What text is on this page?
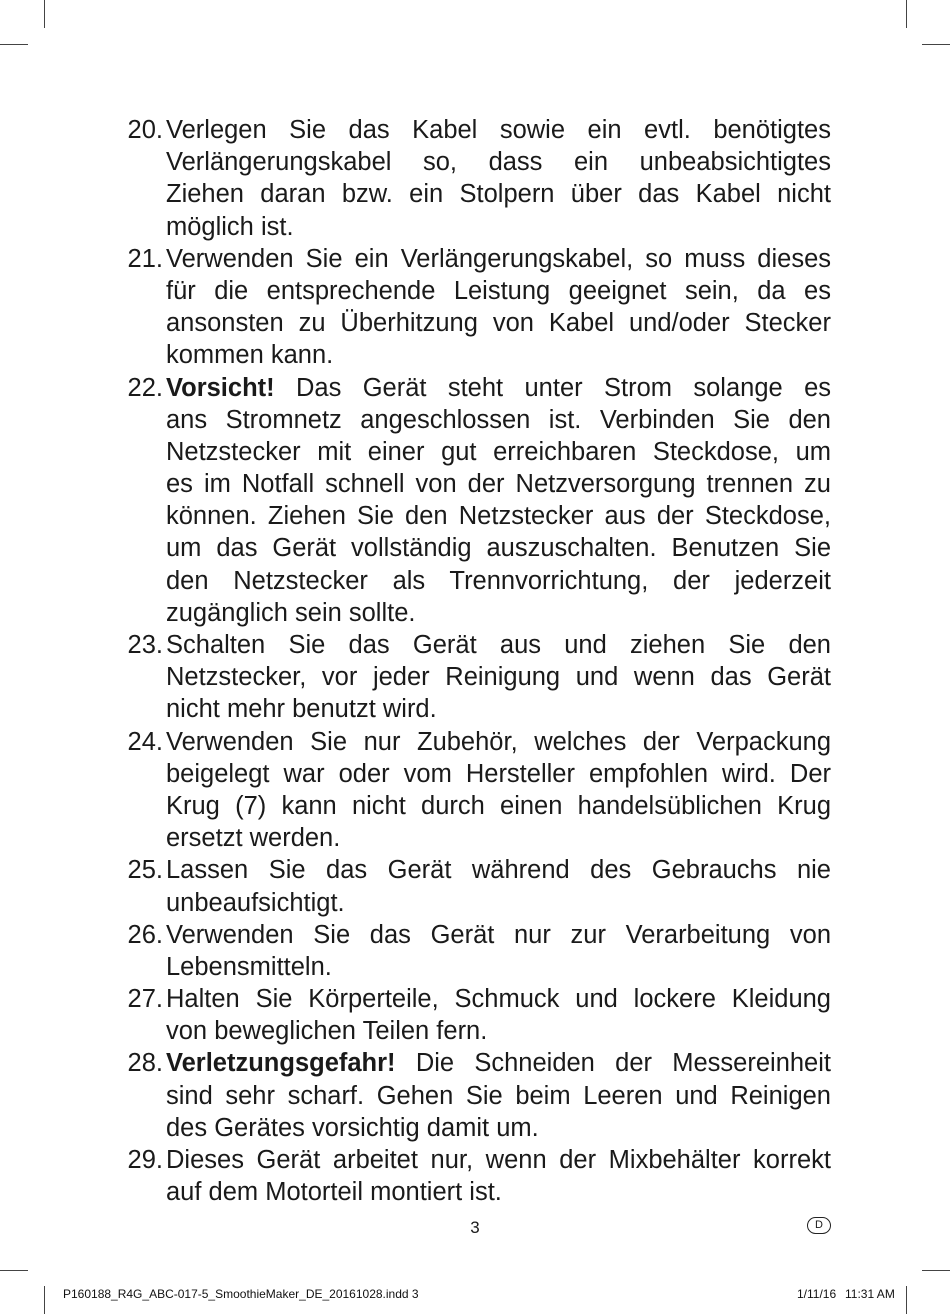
20. Verlegen Sie das Kabel sowie ein evtl. benötigtes
Verlängerungskabel so, dass ein unbeabsichtigtes
Ziehen daran bzw. ein Stolpern über das Kabel nicht
möglich ist.
21. Verwenden Sie ein Verlängerungskabel, so muss dieses
für die entsprechende Leistung geeignet sein, da es
ansonsten zu Überhitzung von Kabel und/oder Stecker
kommen kann.
22. Vorsicht! Das Gerät steht unter Strom solange es
ans Stromnetz angeschlossen ist. Verbinden Sie den
Netzstecker mit einer gut erreichbaren Steckdose, um
es im Notfall schnell von der Netzversorgung trennen zu
können. Ziehen Sie den Netzstecker aus der Steckdose,
um das Gerät vollständig auszuschalten. Benutzen Sie
den Netzstecker als Trennvorrichtung, der jederzeit
zugänglich sein sollte.
23. Schalten Sie das Gerät aus und ziehen Sie den
Netzstecker, vor jeder Reinigung und wenn das Gerät
nicht mehr benutzt wird.
24. Verwenden Sie nur Zubehör, welches der Verpackung
beigelegt war oder vom Hersteller empfohlen wird. Der
Krug (7) kann nicht durch einen handelsüblichen Krug
ersetzt werden.
25. Lassen Sie das Gerät während des Gebrauchs nie
unbeaufsichtigt.
26. Verwenden Sie das Gerät nur zur Verarbeitung von
Lebensmitteln.
27. Halten Sie Körperteile, Schmuck und lockere Kleidung
von beweglichen Teilen fern.
28. Verletzungsgefahr! Die Schneiden der Messereinheit
sind sehr scharf. Gehen Sie beim Leeren und Reinigen
des Gerätes vorsichtig damit um.
29. Dieses Gerät arbeitet nur, wenn der Mixbehälter korrekt
auf dem Motorteil montiert ist.
3	D
P160188_R4G_ABC-017-5_SmoothieMaker_DE_20161028.indd 3	1/11/16 11:31 AM
